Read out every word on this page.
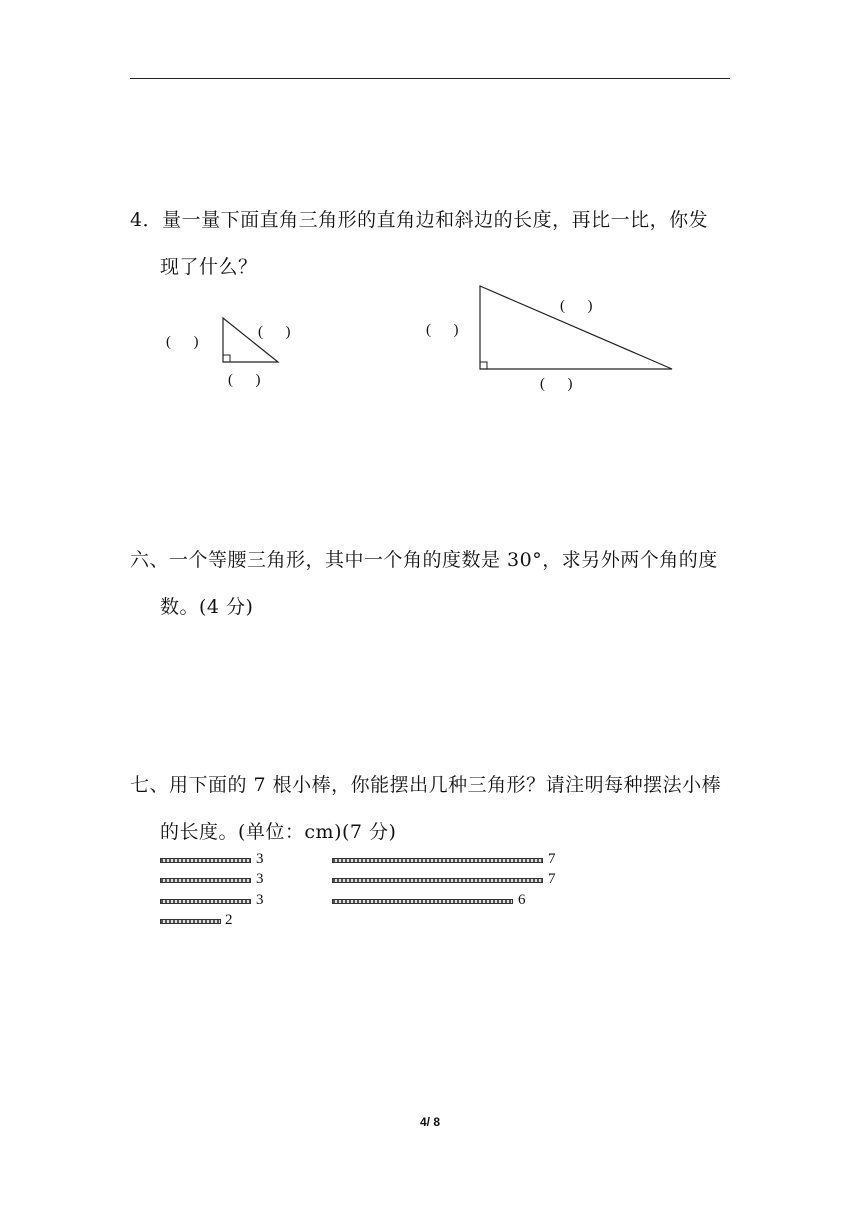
4．量一量下面直角三角形的直角边和斜边的长度，再比一比，你发
现了什么？
(      )
(      )
(      )
(      )
(      )
(      )
六、一个等腰三角形，其中一个角的度数是 30°，求另外两个角的度
数。(4 分)
七、用下面的 7 根小棒，你能摆出几种三角形？请注明每种摆法小棒
的长度。(单位：cm)(7 分)
3
3
3
2
7
7
6
4/ 8
